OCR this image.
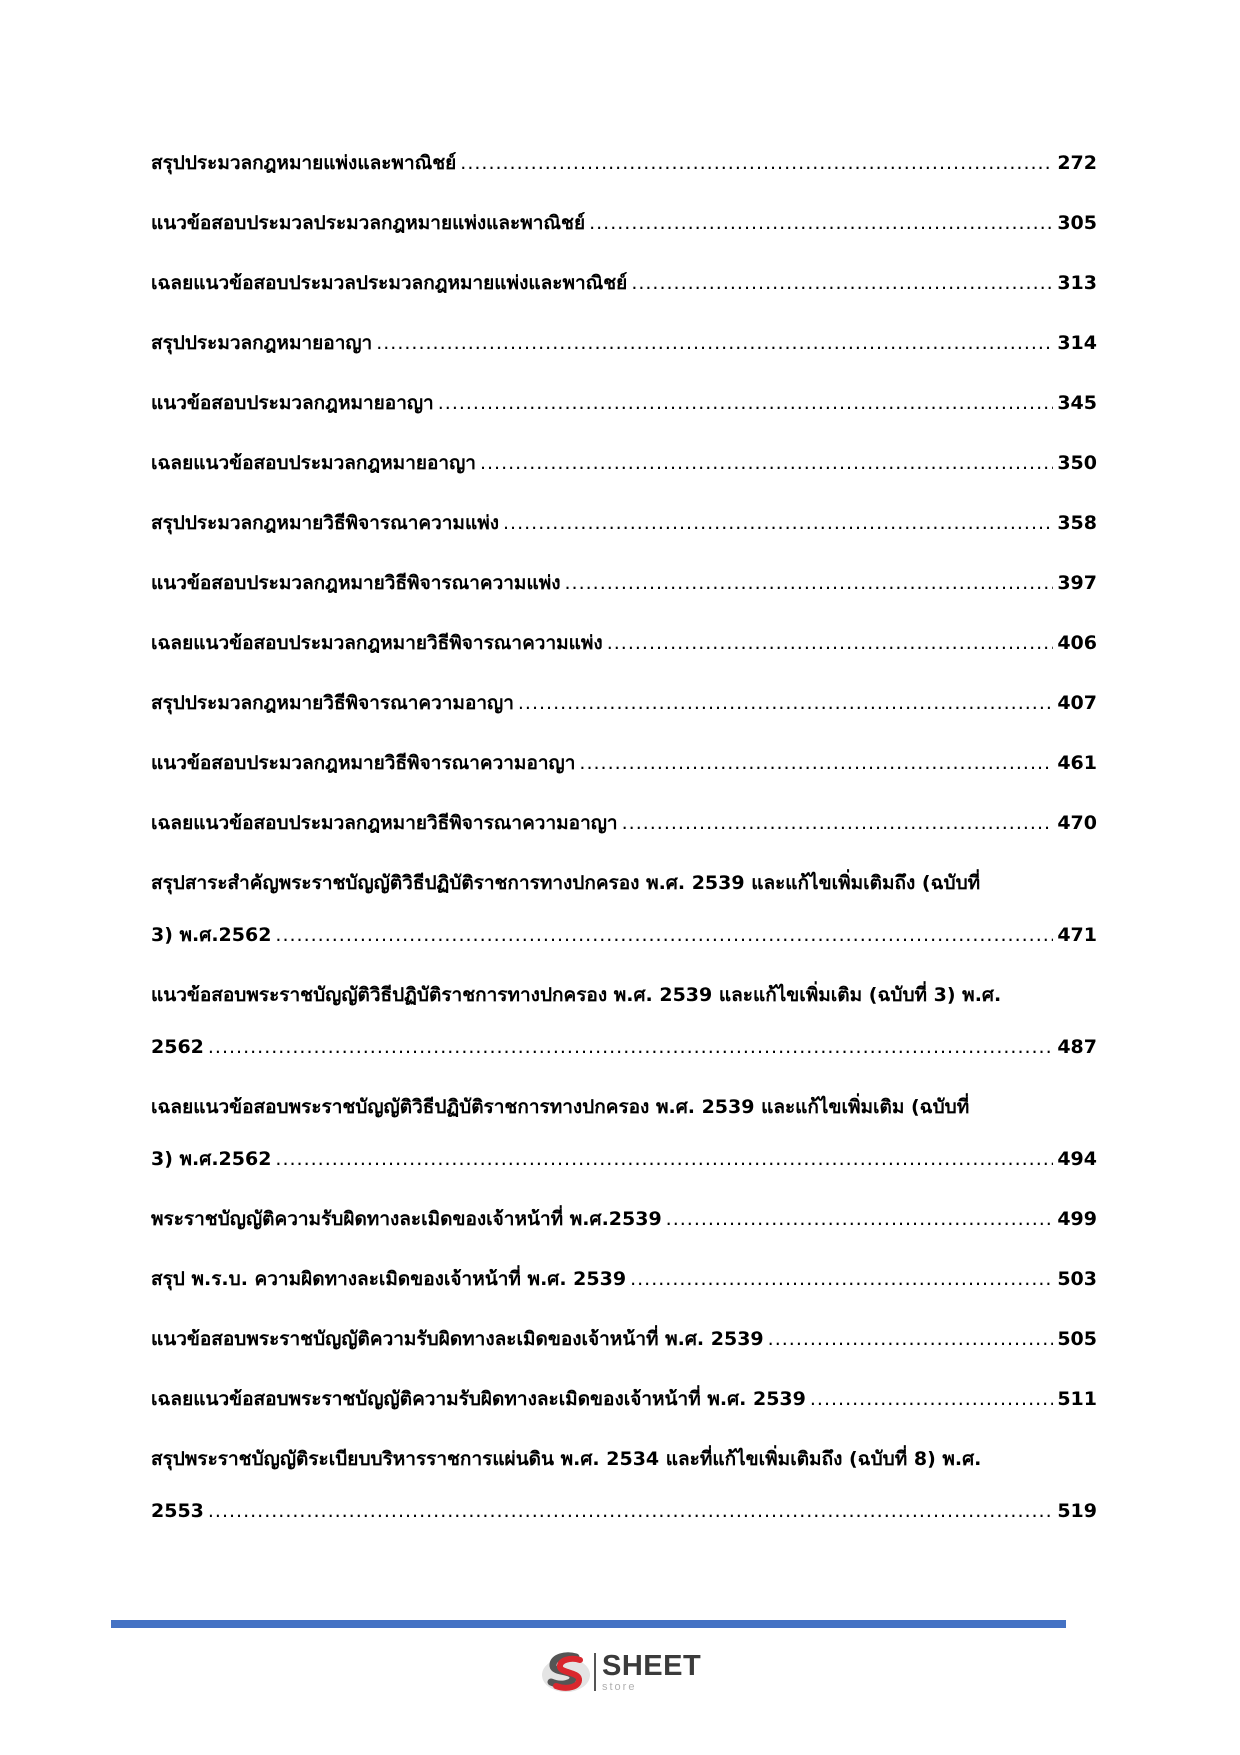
สรุปประมวลกฎหมายแพ่งและพาณิชย์ .....	272
แนวข้อสอบประมวลประมวลกฎหมายแพ่งและพาณิชย์ .....	305
เฉลยแนวข้อสอบประมวลประมวลกฎหมายแพ่งและพาณิชย์ .....	313
สรุปประมวลกฎหมายอาญา .....	314
แนวข้อสอบประมวลกฎหมายอาญา .....	345
เฉลยแนวข้อสอบประมวลกฎหมายอาญา .....	350
สรุปประมวลกฎหมายวิธีพิจารณาความแพ่ง .....	358
แนวข้อสอบประมวลกฎหมายวิธีพิจารณาความแพ่ง .....	397
เฉลยแนวข้อสอบประมวลกฎหมายวิธีพิจารณาความแพ่ง .....	406
สรุปประมวลกฎหมายวิธีพิจารณาความอาญา .....	407
แนวข้อสอบประมวลกฎหมายวิธีพิจารณาความอาญา .....	461
เฉลยแนวข้อสอบประมวลกฎหมายวิธีพิจารณาความอาญา .....	470
สรุปสาระสำคัญพระราชบัญญัติวิธีปฏิบัติราชการทางปกครอง พ.ศ. 2539 และแก้ไขเพิ่มเติมถึง (ฉบับที่
3) พ.ศ.2562 .....	471
แนวข้อสอบพระราชบัญญัติวิธีปฏิบัติราชการทางปกครอง พ.ศ. 2539 และแก้ไขเพิ่มเติม (ฉบับที่ 3) พ.ศ.
2562 .....	487
เฉลยแนวข้อสอบพระราชบัญญัติวิธีปฏิบัติราชการทางปกครอง พ.ศ. 2539 และแก้ไขเพิ่มเติม (ฉบับที่
3) พ.ศ.2562 .....	494
พระราชบัญญัติความรับผิดทางละเมิดของเจ้าหน้าที่ พ.ศ.2539 .....	499
สรุป พ.ร.บ. ความผิดทางละเมิดของเจ้าหน้าที่ พ.ศ. 2539 .....	503
แนวข้อสอบพระราชบัญญัติความรับผิดทางละเมิดของเจ้าหน้าที่ พ.ศ. 2539 .....	505
เฉลยแนวข้อสอบพระราชบัญญัติความรับผิดทางละเมิดของเจ้าหน้าที่ พ.ศ. 2539 .....	511
สรุปพระราชบัญญัติระเบียบบริหารราชการแผ่นดิน พ.ศ. 2534 และที่แก้ไขเพิ่มเติมถึง (ฉบับที่ 8) พ.ศ.
2553 .....	519
SHEET
store
